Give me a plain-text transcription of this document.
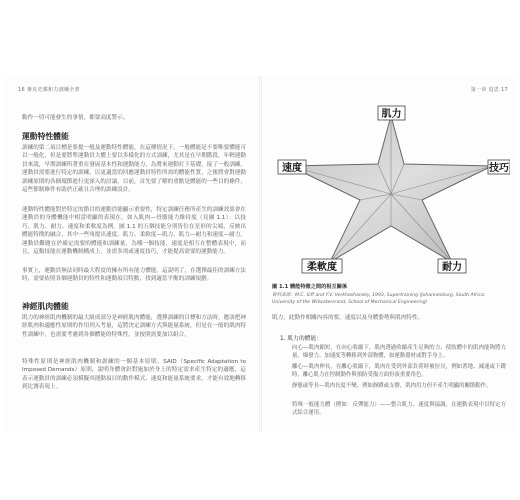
16 麥克史都和力訓練全書

動作一切可能發生的事情，都要高度警示。

運動特性體能

訓練的第二項目標是要提一般及運動特性體能，在這種情況下，一般體能是不要唯要體能可以一般化，但是要將準運動員大體上要以多樣化的方式訓練，尤其是在早期階段，年輕運動員來說，早期訓練所著重在發展基本性和運動能力，為將來運動打下基礎。接了一般訓練，運動員需要進行特定的訓練，以更適當的回應運動員特性所需的體能性質，之後將會對運動訓練原則的各個環節進行更深入的討論，目前，首先要了解的重點是體能的一些目的條件，這些節制條件有助於正確且合理的訓練設計。

運動特性體能對於特定的節目的運動員能顯示重要性，特定訓練任務所產生的訓練效果會在運動員的身體機能中相當明顯的表現在，如入肌肉—骨骼能力維持度（見圖 1.1）：以技巧、肌力、耐力、速度和柔軟度為例。圖 1.1 的五個技能分別皆位在星形的尖端，反映出體能特徵的融合，其中一些角提出速度、肌力、柔軟度—肌力、肌力—耐力和速度—耐力。運動員難題在於確定需要的體能和訓練量，為哪一個技能、速度是相互在整體表現中，而且，這類技能在運動機制構成上，並需多需或速度技巧，才能提高需要的運動能力。

事實上，運動員無法同時最大程度的擁有所有能力體能。這說明了，在選擇最佳的訓練方法時，需要依照各個運動員的特性和運動項目特點，找到適當平衡的訓練規劃。

神經肌肉體能

肌力的神經肌肉機制的最大組成部分是神經肌肉體能，選擇訓練的目標和方法時，應該把神經肌肉和適應性原則的作用列入考量，這將決定訓練方式與能量系統，但是在一般的肌肉特性訓練中，也需要考慮到各個體能的特殊性，並按照需要加以組合。

特殊性原則是神經肌肉機制和訓練的一個基本原則，SAID（Specific Adaptation to Imposed Demands）原則，說明身體會針對施加於身上的特定需求產生特定的適應，這表示運動員的訓練必須模擬其運動項目的動作模式、速度和能量系統要求，才能有效地轉移到比賽表現上。

第一章 追思 17
肌力
技巧
耐力
柔軟度
速度
圖 1.1 體能特徵之間的相互關係
資料來源：M.C. Siff and Y.V. Verkhoshansky, 1993, Supertraining (Johannesburg, South Africa: University of the Witwatersrand, School of Mechanical Engineering)

肌力，此動作相關內容的要，速度以及身體姿勢與肌肉特性。

1. 肌力的體能：

• 向心—肌肉縮短，在向心收縮下，肌肉透過收縮產生足夠的力，使肢體中的肌肉能夠將力量、爆發力、加速度等轉移到外部物體，如運動器材或對手身上。

• 離心—肌肉伸長，在離心收縮下，肌肉在受到外部負荷時被拉長，例如著地、減速或下蹲時，離心肌力在控制動作與預防受傷方面扮演重要角色。

• 靜態或等長—肌肉長度不變，例如靜蹲或支撐，肌肉用力但不產生明顯的關節動作。

• 特殊一般能力體（例如：反彈能力）——整合肌力、速度與協調，在運動表現中以特定方式綜合運用。
